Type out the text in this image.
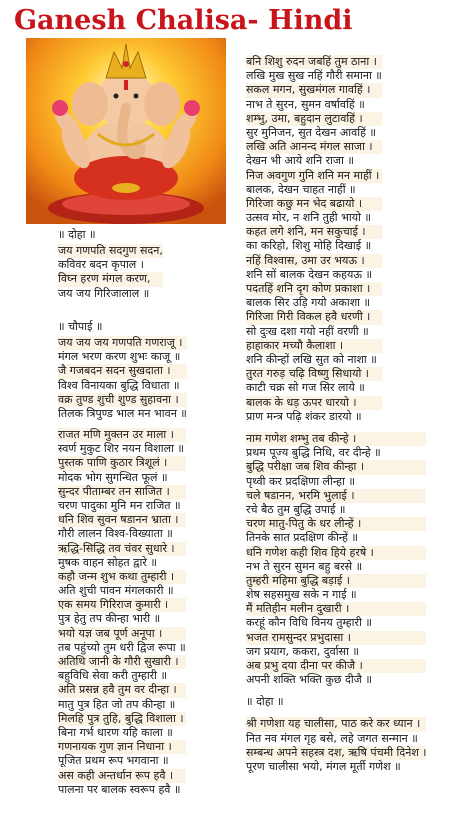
Ganesh Chalisa- Hindi
॥ दोहा ॥
जय गणपति सदगुण सदन,
कविवर बदन कृपाल ।
विघ्न हरण मंगल करण,
जय जय गिरिजालाल ॥
॥ चौपाई ॥
जय जय जय गणपति गणराजू ।
मंगल भरण करण शुभः काजू ॥
जै गजबदन सदन सुखदाता ।
विश्व विनायका बुद्धि विधाता ॥
वक्र तुण्ड शुची शुण्ड सुहावना ।
तिलक त्रिपुण्ड भाल मन भावन ॥
राजत मणि मुक्तन उर माला ।
स्वर्ण मुकुट शिर नयन विशाला ॥
पुस्तक पाणि कुठार त्रिशूलं ।
मोदक भोग सुगन्धित फूलं ॥
सुन्दर पीताम्बर तन साजित ।
चरण पादुका मुनि मन राजित ॥
धनि शिव सुवन षडानन भ्राता ।
गौरी लालन विश्व-विख्याता ॥
ऋद्धि-सिद्धि तव चंवर सुधारे ।
मुषक वाहन सोहत द्वारे ॥
कहौ जन्म शुभ कथा तुम्हारी ।
अति शुची पावन मंगलकारी ॥
एक समय गिरिराज कुमारी ।
पुत्र हेतु तप कीन्हा भारी ॥
भयो यज्ञ जब पूर्ण अनूपा ।
तब पहुंच्यो तुम धरी द्विज रूपा ॥
अतिथि जानी के गौरी सुखारी ।
बहुविधि सेवा करी तुम्हारी ॥
अति प्रसन्न हवै तुम वर दीन्हा ।
मातु पुत्र हित जो तप कीन्हा ॥
मिलहि पुत्र तुहि, बुद्धि विशाला ।
बिना गर्भ धारण यहि काला ॥
गणनायक गुण ज्ञान निधाना ।
पूजित प्रथम रूप भगवाना ॥
अस कही अन्तर्धान रूप हवै ।
पालना पर बालक स्वरूप हवै ॥
बनि शिशु रुदन जबहिं तुम ठाना ।
लखि मुख सुख नहिं गौरी समाना ॥
सकल मगन, सुखमंगल गावहिं ।
नाभ ते सुरन, सुमन वर्षावहिं ॥
शम्भु, उमा, बहुदान लुटावहिं ।
सुर मुनिजन, सुत देखन आवहिं ॥
लखि अति आनन्द मंगल साजा ।
देखन भी आये शनि राजा ॥
निज अवगुण गुनि शनि मन माहीं ।
बालक, देखन चाहत नाहीं ॥
गिरिजा कछु मन भेद बढायो ।
उत्सव मोर, न शनि तुही भायो ॥
कहत लगे शनि, मन सकुचाई ।
का करिहो, शिशु मोहि दिखाई ॥
नहिं विश्वास, उमा उर भयऊ ।
शनि सों बालक देखन कहयऊ ॥
पदतहिं शनि दृग कोण प्रकाशा ।
बालक सिर उड़ि गयो अकाशा ॥
गिरिजा गिरी विकल हवै धरणी ।
सो दुःख दशा गयो नहीं वरणी ॥
हाहाकार मच्यौ कैलाशा ।
शनि कीन्हों लखि सुत को नाशा ॥
तुरत गरुड़ चढ़ि विष्णु सिधायो ।
काटी चक्र सो गज सिर लाये ॥
बालक के धड़ ऊपर धारयो ।
प्राण मन्त्र पढ़ि शंकर डारयो ॥
नाम गणेश शम्भु तब कीन्हे ।
प्रथम पूज्य बुद्धि निधि, वर दीन्हे ॥
बुद्धि परीक्षा जब शिव कीन्हा ।
पृथ्वी कर प्रदक्षिणा लीन्हा ॥
चले षडानन, भरमि भुलाई ।
रचे बैठ तुम बुद्धि उपाई ॥
चरण मातु-पितु के धर लीन्हें ।
तिनके सात प्रदक्षिण कीन्हें ॥
धनि गणेश कही शिव हिये हरषे ।
नभ ते सुरन सुमन बहु बरसे ॥
तुम्हरी महिमा बुद्धि बड़ाई ।
शेष सहसमुख सके न गाई ॥
मैं मतिहीन मलीन दुखारी ।
करहूं कौन विधि विनय तुम्हारी ॥
भजत रामसुन्दर प्रभुदासा ।
जग प्रयाग, ककरा, दुर्वासा ॥
अब प्रभु दया दीना पर कीजै ।
अपनी शक्ति भक्ति कुछ दीजै ॥
॥ दोहा ॥
श्री गणेशा यह चालीसा, पाठ करे कर ध्यान ।
नित नव मंगल गृह बसे, लहे जगत सन्मान ॥
सम्बन्ध अपने सहस्त्र दश, ऋषि पंचमी दिनेश ।
पूरण चालीसा भयो, मंगल मूर्ती गणेश ॥
